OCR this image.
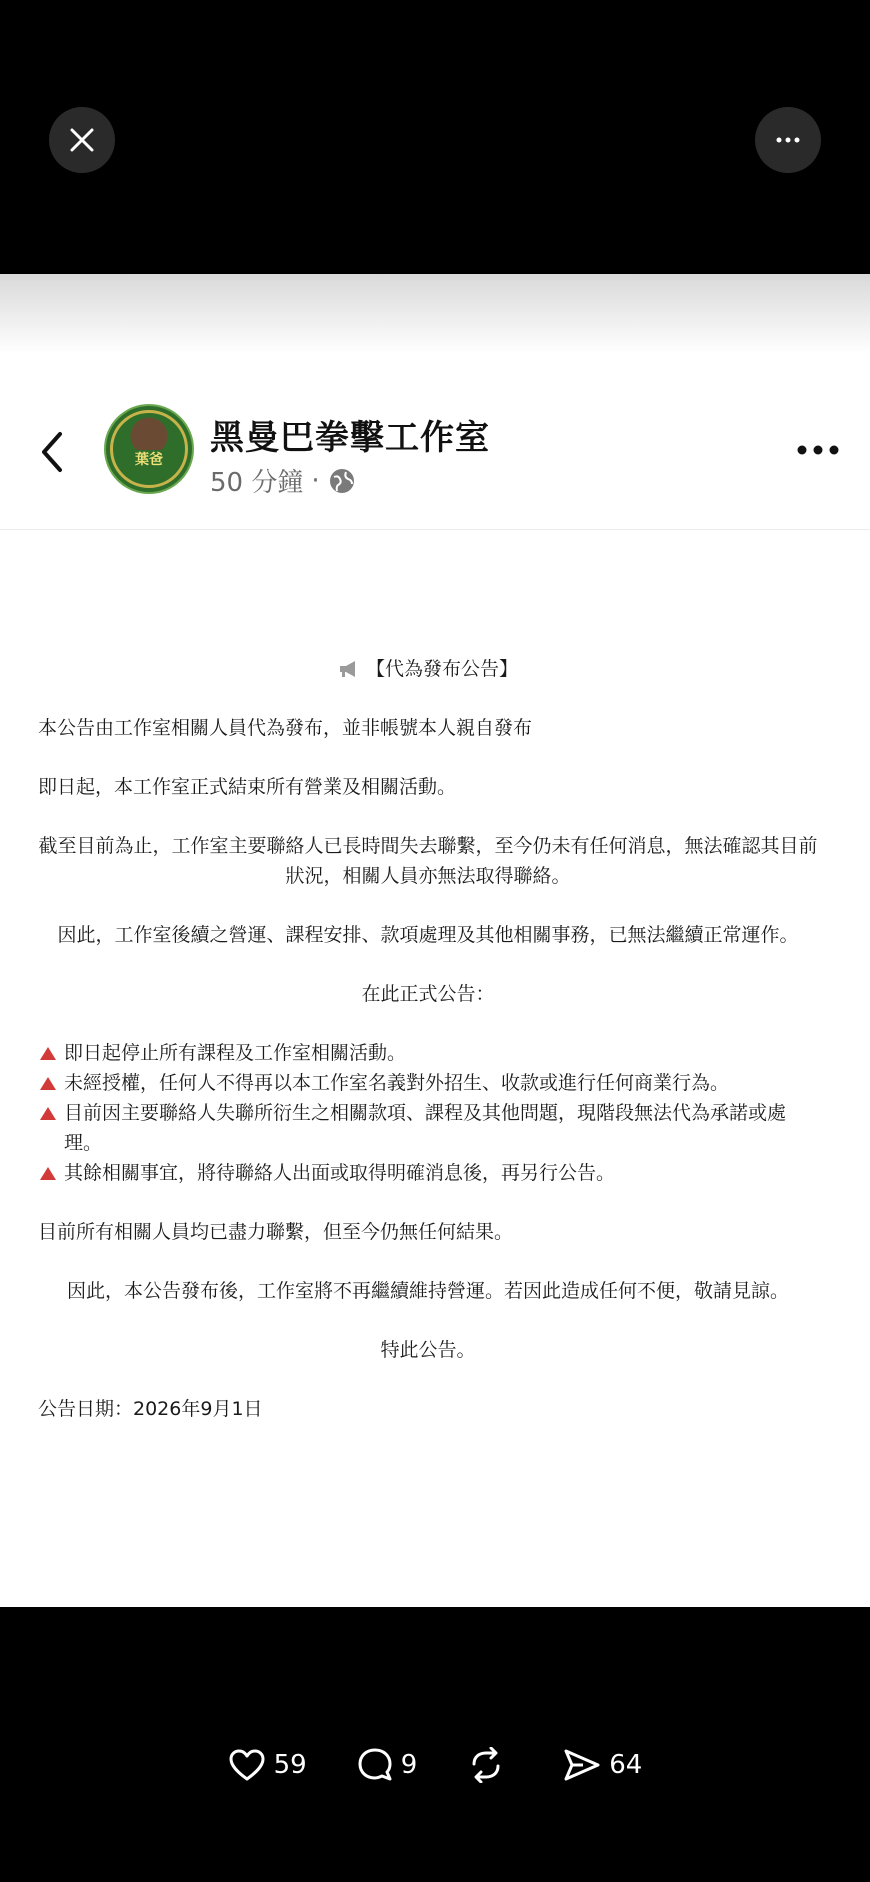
葉爸
黑曼巴拳擊工作室
50 分鐘 ·

【代為發布公告】

本公告由工作室相關人員代為發布，並非帳號本人親自發布

即日起，本工作室正式結束所有營業及相關活動。

截至目前為止，工作室主要聯絡人已長時間失去聯繫，至今仍未有任何消息，無法確認其目前狀況，相關人員亦無法取得聯絡。

因此，工作室後續之營運、課程安排、款項處理及其他相關事務，已無法繼續正常運作。

在此正式公告：

即日起停止所有課程及工作室相關活動。

未經授權，任何人不得再以本工作室名義對外招生、收款或進行任何商業行為。

目前因主要聯絡人失聯所衍生之相關款項、課程及其他問題，現階段無法代為承諾或處理。

其餘相關事宜，將待聯絡人出面或取得明確消息後，再另行公告。

目前所有相關人員均已盡力聯繫，但至今仍無任何結果。

因此，本公告發布後，工作室將不再繼續維持營運。若因此造成任何不便，敬請見諒。

特此公告。

公告日期：2026年9月1日

59	9	64
